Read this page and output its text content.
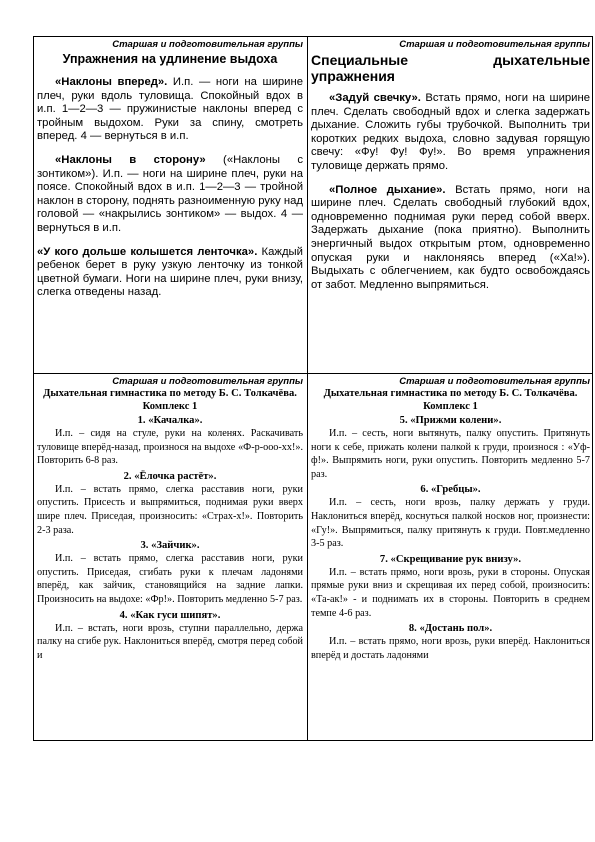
Старшая и подготовительная группы
Упражнения на удлинение выдоха

«Наклоны вперед». И.п. — ноги на ширине плеч, руки вдоль туловища. Спокойный вдох в и.п. 1—2—3 — пружинистые наклоны вперед с тройным выдохом. Руки за спину, смотреть вперед. 4 — вернуться в и.п.

«Наклоны в сторону» («Наклоны с зонтиком»). И.п. — ноги на ширине плеч, руки на поясе. Спокойный вдох в и.п. 1—2—3 — тройной наклон в сторону, поднять разноименную руку над головой — «накрылись зонтиком» — выдох. 4 — вернуться в и.п.

«У кого дольше колышется ленточка». Каждый ребенок берет в руку узкую ленточку из тонкой цветной бумаги. Ноги на ширине плеч, руки внизу, слегка отведены назад.

Старшая и подготовительная группы
Специальные дыхательные упражнения

«Задуй свечку». Встать прямо, ноги на ширине плеч. Сделать свободный вдох и слегка задержать дыхание. Сложить губы трубочкой. Выполнить три коротких редких выдоха, словно задувая горящую свечу: «Фу! Фу! Фу!». Во время упражнения туловище держать прямо.

«Полное дыхание». Встать прямо, ноги на ширине плеч. Сделать свободный глубокий вдох, одновременно поднимая руки перед собой вверх. Задержать дыхание (пока приятно). Выполнить энергичный выдох открытым ртом, одновременно опуская руки и наклоняясь вперед («Ха!»). Выдыхать с облегчением, как будто освобождаясь от забот. Медленно выпрямиться.

Старшая и подготовительная группы
Дыхательная гимнастика по методу Б. С. Толкачёва. Комплекс 1
1. «Качалка».

И.п. – сидя на стуле, руки на коленях. Раскачивать туловище вперёд-назад, произнося на выдохе «Ф-р-ооо-хх!». Повторить 6-8 раз.

2. «Ёлочка растёт».

И.п. – встать прямо, слегка расставив ноги, руки опустить. Присесть и выпрямиться, поднимая руки вверх шире плеч. Приседая, произносить: «Страх-х!». Повторить 2-3 раза.

3. «Зайчик».

И.п. – встать прямо, слегка расставив ноги, руки опустить. Приседая, сгибать руки к плечам ладонями вперёд, как зайчик, становящийся на задние лапки. Произносить на выдохе: «Фр!». Повторить медленно 5-7 раз.

4. «Как гуси шипят».

И.п. – встать, ноги врозь, ступни параллельно, держа палку на сгибе рук. Наклониться вперёд, смотря перед собой и

Старшая и подготовительная группы
Дыхательная гимнастика по методу Б. С. Толкачёва. Комплекс 1
5. «Прижми колени».

И.п. – сесть, ноги вытянуть, палку опустить. Притянуть ноги к себе, прижать колени палкой к груди, произнося : «Уф-ф!». Выпрямить ноги, руки опустить. Повторить медленно 5-7 раз.

6. «Гребцы».

И.п. – сесть, ноги врозь, палку держать у груди. Наклониться вперёд, коснуться палкой носков ног, произнести: «Гу!». Выпрямиться, палку притянуть к груди. Повт.медленно 3-5 раз.

7. «Скрещивание рук внизу».

И.п. – встать прямо, ноги врозь, руки в стороны. Опуская прямые руки вниз и скрещивая их перед собой, произносить: «Та-ак!» - и поднимать их в стороны. Повторить в среднем темпе 4-6 раз.

8. «Достань пол».

И.п. – встать прямо, ноги врозь, руки вперёд. Наклониться вперёд и достать ладонями
